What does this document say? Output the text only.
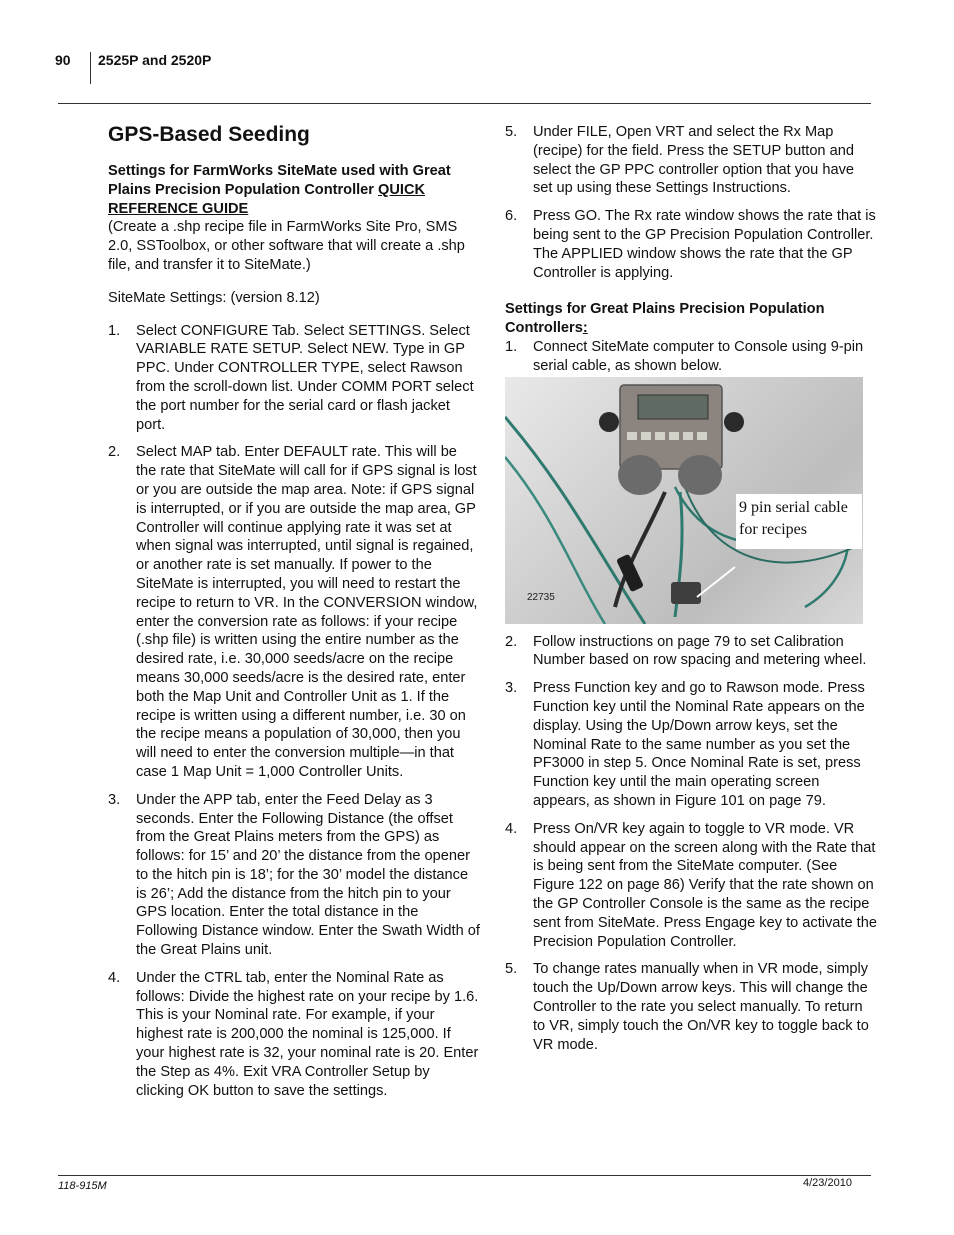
90 2525P and 2520P
GPS-Based Seeding

Settings for FarmWorks SiteMate used with Great Plains Precision Population Controller QUICK REFERENCE GUIDE

(Create a .shp recipe file in FarmWorks Site Pro, SMS 2.0, SSToolbox, or other software that will create a .shp file, and transfer it to SiteMate.)

SiteMate Settings: (version 8.12)

1. Select CONFIGURE Tab. Select SETTINGS. Select VARIABLE RATE SETUP. Select NEW. Type in GP PPC. Under CONTROLLER TYPE, select Rawson from the scroll-down list. Under COMM PORT select the port number for the serial card or flash jacket port.
2. Select MAP tab. Enter DEFAULT rate. This will be the rate that SiteMate will call for if GPS signal is lost or you are outside the map area. Note: if GPS signal is interrupted, or if you are outside the map area, GP Controller will continue applying rate it was set at when signal was interrupted, until signal is regained, or another rate is set manually. If power to the SiteMate is interrupted, you will need to restart the recipe to return to VR. In the CONVERSION window, enter the conversion rate as follows: if your recipe (.shp file) is written using the entire number as the desired rate, i.e. 30,000 seeds/acre on the recipe means 30,000 seeds/acre is the desired rate, enter both the Map Unit and Controller Unit as 1. If the recipe is written using a different number, i.e. 30 on the recipe means a population of 30,000, then you will need to enter the conversion multiple—in that case 1 Map Unit = 1,000 Controller Units.
3. Under the APP tab, enter the Feed Delay as 3 seconds. Enter the Following Distance (the offset from the Great Plains meters from the GPS) as follows: for 15’ and 20’ the distance from the opener to the hitch pin is 18’; for the 30’ model the distance is 26’; Add the distance from the hitch pin to your GPS location. Enter the total distance in the Following Distance window. Enter the Swath Width of the Great Plains unit.
4. Under the CTRL tab, enter the Nominal Rate as follows: Divide the highest rate on your recipe by 1.6. This is your Nominal rate. For example, if your highest rate is 200,000 the nominal is 125,000. If your highest rate is 32, your nominal rate is 20. Enter the Step as 4%. Exit VRA Controller Setup by clicking OK button to save the settings.
5. Under FILE, Open VRT and select the Rx Map (recipe) for the field. Press the SETUP button and select the GP PPC controller option that you have set up using these Settings Instructions.
6. Press GO. The Rx rate window shows the rate that is being sent to the GP Precision Population Controller. The APPLIED window shows the rate that the GP Controller is applying.

Settings for Great Plains Precision Population Controllers:

1. Connect SiteMate computer to Console using 9-pin serial cable, as shown below.
9 pin serial cable for recipes
22735
2. Follow instructions on page 79 to set Calibration Number based on row spacing and metering wheel.
3. Press Function key and go to Rawson mode. Press Function key until the Nominal Rate appears on the display. Using the Up/Down arrow keys, set the Nominal Rate to the same number as you set the PF3000 in step 5. Once Nominal Rate is set, press Function key until the main operating screen appears, as shown in Figure 101 on page 79.
4. Press On/VR key again to toggle to VR mode. VR should appear on the screen along with the Rate that is being sent from the SiteMate computer. (See Figure 122 on page 86) Verify that the rate shown on the GP Controller Console is the same as the recipe sent from SiteMate. Press Engage key to activate the Precision Population Controller.
5. To change rates manually when in VR mode, simply touch the Up/Down arrow keys. This will change the Controller to the rate you select manually. To return to VR, simply touch the On/VR key to toggle back to VR mode.
118-915M	4/23/2010
